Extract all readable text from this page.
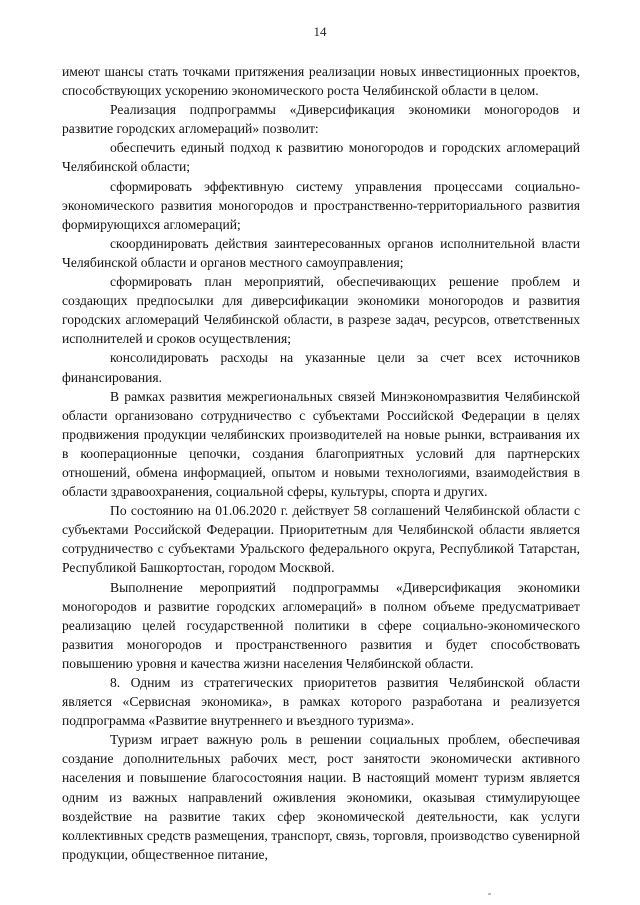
14

имеют шансы стать точками притяжения реализации новых инвестиционных проектов, способствующих ускорению экономического роста Челябинской области в целом.

Реализация подпрограммы «Диверсификация экономики моногородов и развитие городских агломераций» позволит:

обеспечить единый подход к развитию моногородов и городских агломераций Челябинской области;

сформировать эффективную систему управления процессами социально-экономического развития моногородов и пространственно-территориального развития формирующихся агломераций;

скоординировать действия заинтересованных органов исполнительной власти Челябинской области и органов местного самоуправления;

сформировать план мероприятий, обеспечивающих решение проблем и создающих предпосылки для диверсификации экономики моногородов и развития городских агломераций Челябинской области, в разрезе задач, ресурсов, ответственных исполнителей и сроков осуществления;

консолидировать расходы на указанные цели за счет всех источников финансирования.

В рамках развития межрегиональных связей Минэкономразвития Челябинской области организовано сотрудничество с субъектами Российской Федерации в целях продвижения продукции челябинских производителей на новые рынки, встраивания их в кооперационные цепочки, создания благоприятных условий для партнерских отношений, обмена информацией, опытом и новыми технологиями, взаимодействия в области здравоохранения, социальной сферы, культуры, спорта и других.

По состоянию на 01.06.2020 г. действует 58 соглашений Челябинской области с субъектами Российской Федерации. Приоритетным для Челябинской области является сотрудничество с субъектами Уральского федерального округа, Республикой Татарстан, Республикой Башкортостан, городом Москвой.

Выполнение мероприятий подпрограммы «Диверсификация экономики моногородов и развитие городских агломераций» в полном объеме предусматривает реализацию целей государственной политики в сфере социально-экономического развития моногородов и пространственного развития и будет способствовать повышению уровня и качества жизни населения Челябинской области.

8. Одним из стратегических приоритетов развития Челябинской области является «Сервисная экономика», в рамках которого разработана и реализуется подпрограмма «Развитие внутреннего и въездного туризма».

Туризм играет важную роль в решении социальных проблем, обеспечивая создание дополнительных рабочих мест, рост занятости экономически активного населения и повышение благосостояния нации. В настоящий момент туризм является одним из важных направлений оживления экономики, оказывая стимулирующее воздействие на развитие таких сфер экономической деятельности, как услуги коллективных средств размещения, транспорт, связь, торговля, производство сувенирной продукции, общественное питание,
